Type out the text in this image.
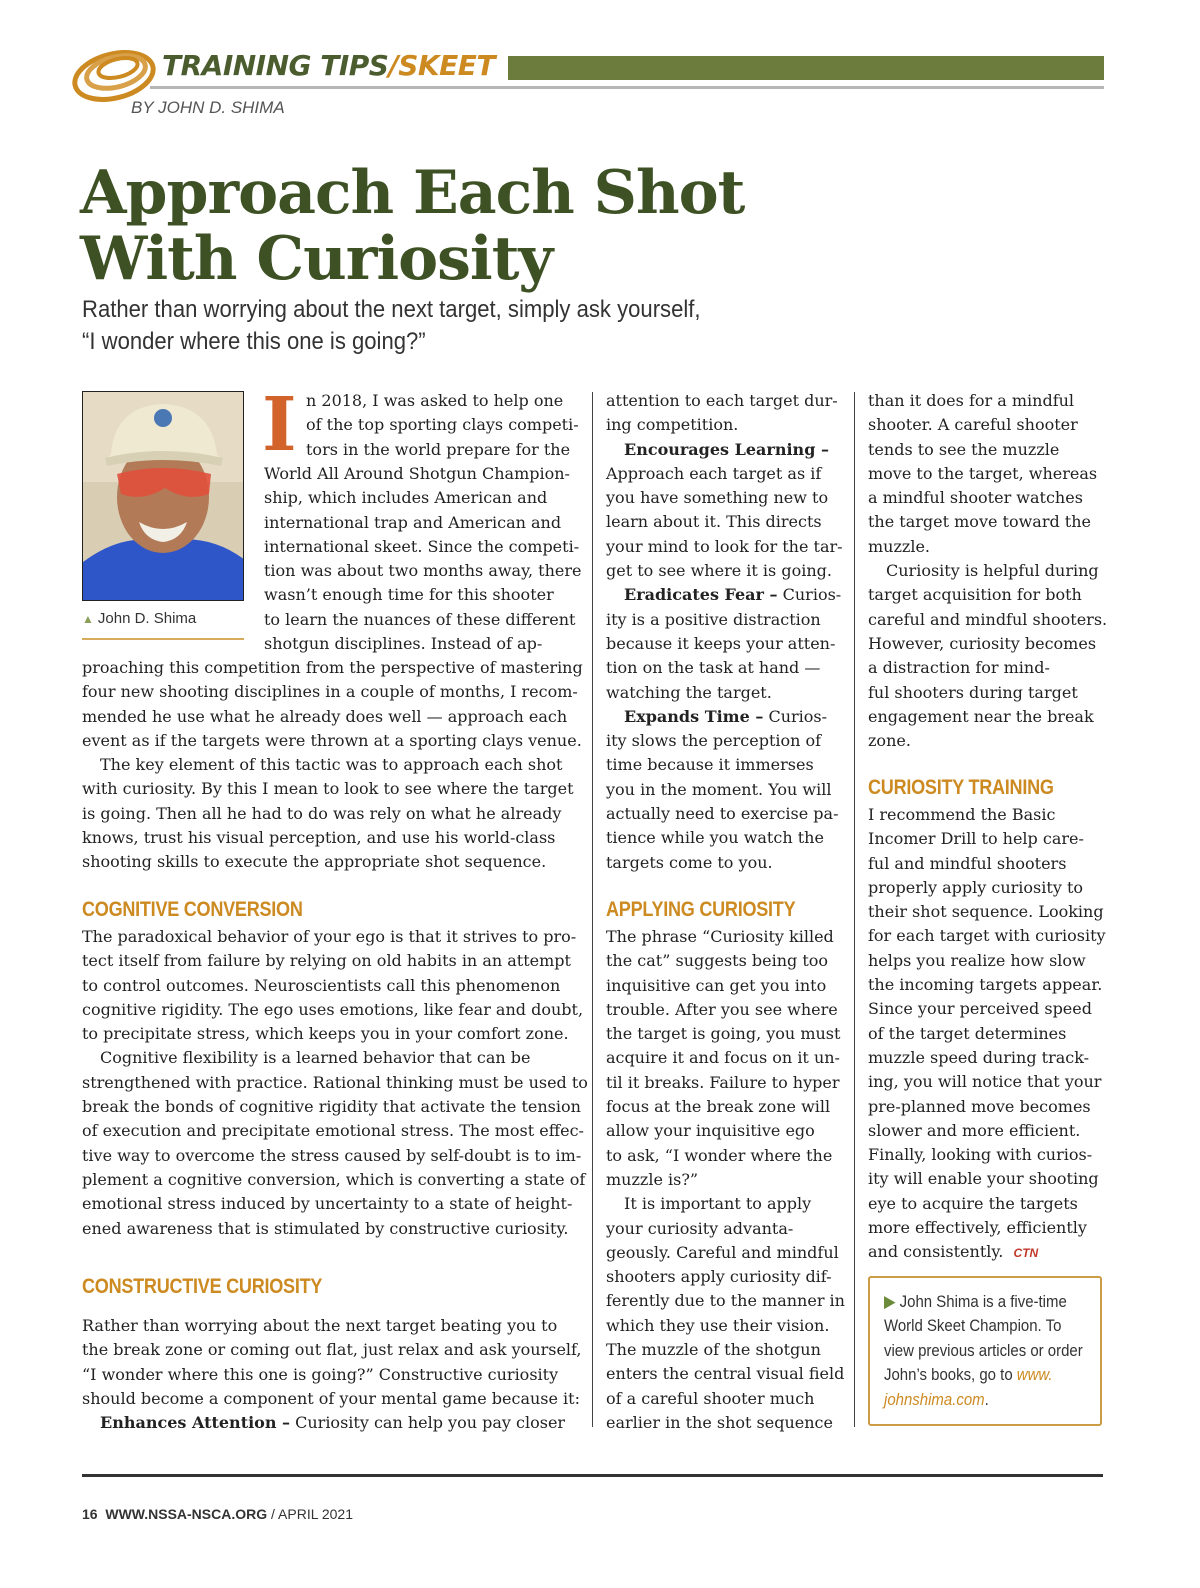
TRAINING TIPS/SKEET
BY JOHN D. SHIMA
Approach Each Shot
With Curiosity
Rather than worrying about the next target, simply ask yourself,
“I wonder where this one is going?”
▲ John D. Shima
I n 2018, I was asked to help one
of the top sporting clays competi-
tors in the world prepare for the
World All Around Shotgun Champion-
ship, which includes American and
international trap and American and
international skeet. Since the competi-
tion was about two months away, there
wasn’t enough time for this shooter
to learn the nuances of these different
shotgun disciplines. Instead of ap-
proaching this competition from the perspective of mastering
four new shooting disciplines in a couple of months, I recom-
mended he use what he already does well — approach each
event as if the targets were thrown at a sporting clays venue.
The key element of this tactic was to approach each shot
with curiosity. By this I mean to look to see where the target
is going. Then all he had to do was rely on what he already
knows, trust his visual perception, and use his world-class
shooting skills to execute the appropriate shot sequence.
COGNITIVE CONVERSION
The paradoxical behavior of your ego is that it strives to pro-
tect itself from failure by relying on old habits in an attempt
to control outcomes. Neuroscientists call this phenomenon
cognitive rigidity. The ego uses emotions, like fear and doubt,
to precipitate stress, which keeps you in your comfort zone.
Cognitive flexibility is a learned behavior that can be
strengthened with practice. Rational thinking must be used to
break the bonds of cognitive rigidity that activate the tension
of execution and precipitate emotional stress. The most effec-
tive way to overcome the stress caused by self-doubt is to im-
plement a cognitive conversion, which is converting a state of
emotional stress induced by uncertainty to a state of height-
ened awareness that is stimulated by constructive curiosity.
CONSTRUCTIVE CURIOSITY
Rather than worrying about the next target beating you to
the break zone or coming out flat, just relax and ask yourself,
“I wonder where this one is going?” Constructive curiosity
should become a component of your mental game because it:
Enhances Attention – Curiosity can help you pay closer
attention to each target dur-
ing competition.
Encourages Learning –
Approach each target as if
you have something new to
learn about it. This directs
your mind to look for the tar-
get to see where it is going.
Eradicates Fear – Curios-
ity is a positive distraction
because it keeps your atten-
tion on the task at hand —
watching the target.
Expands Time – Curios-
ity slows the perception of
time because it immerses
you in the moment. You will
actually need to exercise pa-
tience while you watch the
targets come to you.
APPLYING CURIOSITY
The phrase “Curiosity killed
the cat” suggests being too
inquisitive can get you into
trouble. After you see where
the target is going, you must
acquire it and focus on it un-
til it breaks. Failure to hyper
focus at the break zone will
allow your inquisitive ego
to ask, “I wonder where the
muzzle is?”
It is important to apply
your curiosity advanta-
geously. Careful and mindful
shooters apply curiosity dif-
ferently due to the manner in
which they use their vision.
The muzzle of the shotgun
enters the central visual field
of a careful shooter much
earlier in the shot sequence
than it does for a mindful
shooter. A careful shooter
tends to see the muzzle
move to the target, whereas
a mindful shooter watches
the target move toward the
muzzle.
Curiosity is helpful during
target acquisition for both
careful and mindful shooters.
However, curiosity becomes
a distraction for mind-
ful shooters during target
engagement near the break
zone.
CURIOSITY TRAINING
I recommend the Basic
Incomer Drill to help care-
ful and mindful shooters
properly apply curiosity to
their shot sequence. Looking
for each target with curiosity
helps you realize how slow
the incoming targets appear.
Since your perceived speed
of the target determines
muzzle speed during track-
ing, you will notice that your
pre-planned move becomes
slower and more efficient.
Finally, looking with curios-
ity will enable your shooting
eye to acquire the targets
more effectively, efficiently
and consistently. CTN
▶ John Shima is a five-time
World Skeet Champion. To
view previous articles or order
John’s books, go to www.
johnshima.com.
16 WWW.NSSA-NSCA.ORG / APRIL 2021
